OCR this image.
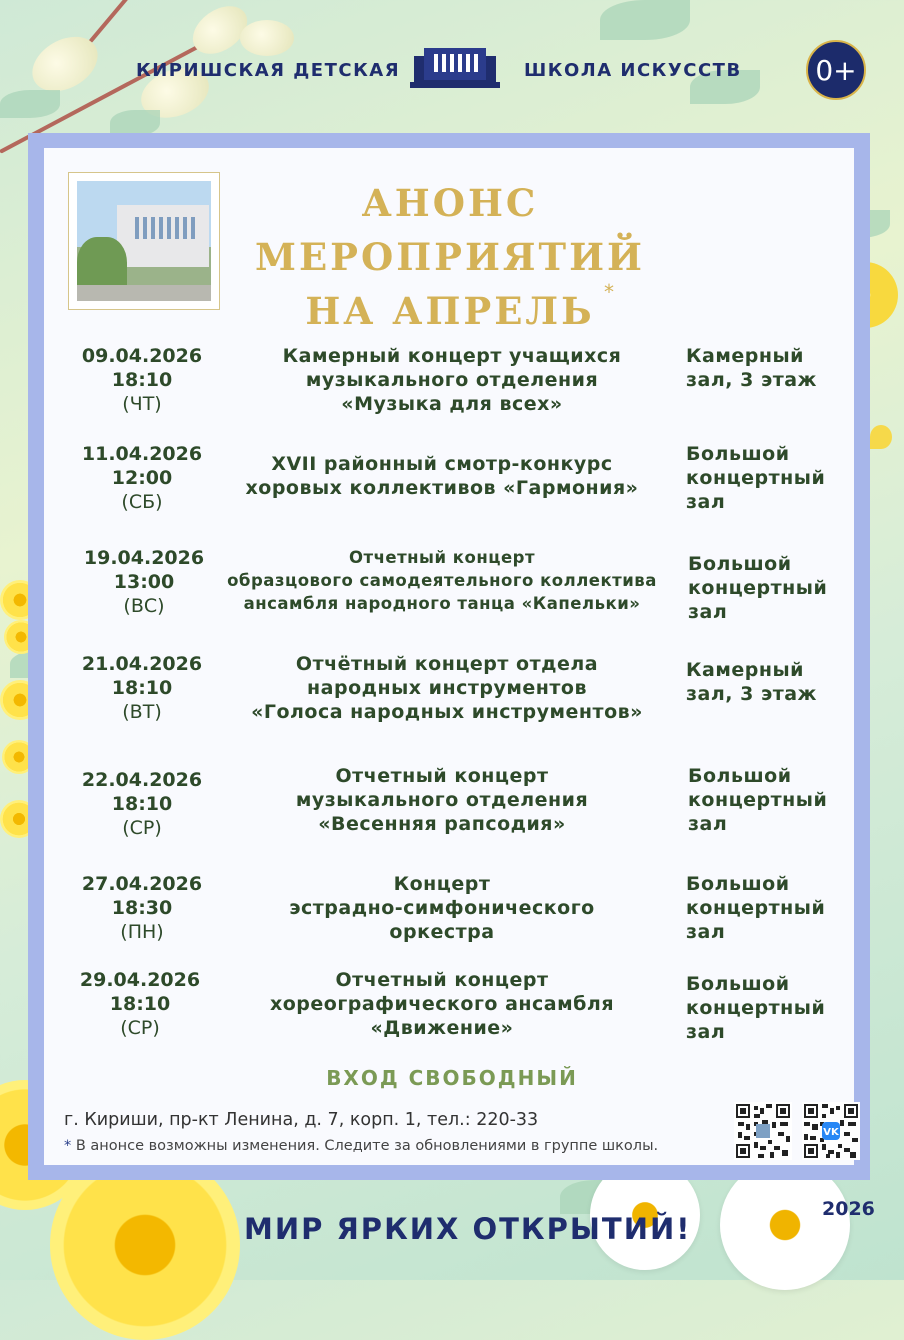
КИРИШСКАЯ ДЕТСКАЯ	ШКОЛА ИСКУССТВ	0+
АНОНС
МЕРОПРИЯТИЙ
НА АПРЕЛЬ *
09.04.2026
18:10
(ЧТ)
Камерный концерт учащихся
музыкального отделения
«Музыка для всех»
Камерный
зал, 3 этаж
11.04.2026
12:00
(СБ)
XVII районный смотр-конкурс
хоровых коллективов «Гармония»
Большой
концертный
зал
19.04.2026
13:00
(ВС)
Отчетный концерт
образцового самодеятельного коллектива
ансамбля народного танца «Капельки»
Большой
концертный
зал
21.04.2026
18:10
(ВТ)
Отчётный концерт отдела
народных инструментов
«Голоса народных инструментов»
Камерный
зал, 3 этаж
22.04.2026
18:10
(СР)
Отчетный концерт
музыкального отделения
«Весенняя рапсодия»
Большой
концертный
зал
27.04.2026
18:30
(ПН)
Концерт
эстрадно-симфонического
оркестра
Большой
концертный
зал
29.04.2026
18:10
(СР)
Отчетный концерт
хореографического ансамбля
«Движение»
Большой
концертный
зал
ВХОД СВОБОДНЫЙ
г. Кириши, пр-кт Ленина, д. 7, корп. 1, тел.: 220-33
* В анонсе возможны изменения. Следите за обновлениями в группе школы.
VK
МИР ЯРКИХ ОТКРЫТИЙ!
2026
